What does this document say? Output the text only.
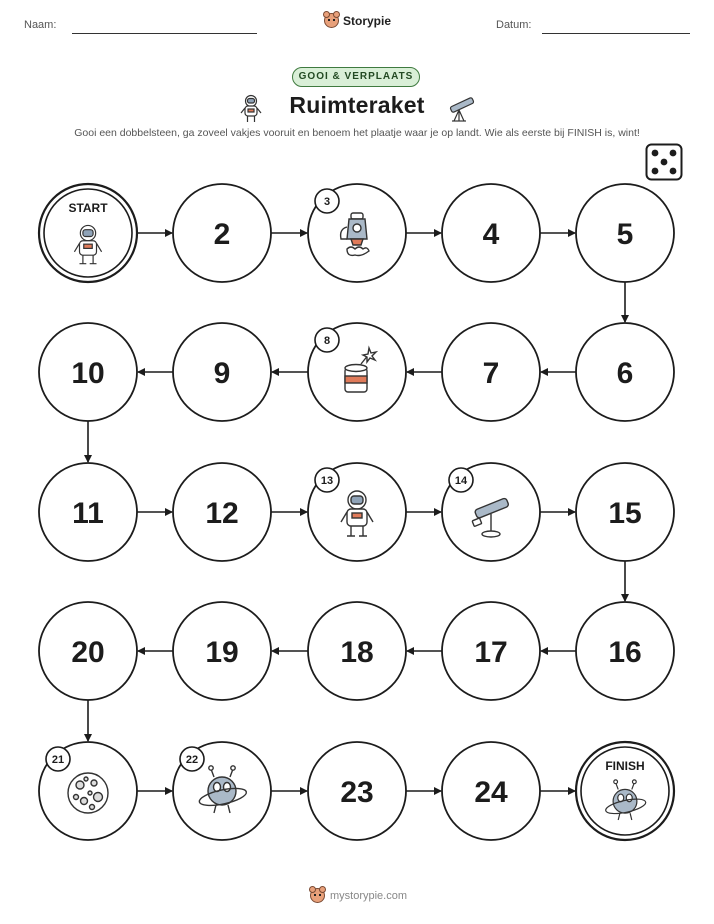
Naam:	Storypie	Datum:
GOOI & VERPLAATS
Ruimteraket
Gooi een dobbelsteen, ga zoveel vakjes vooruit en benoem het plaatje waar je op landt. Wie als eerste bij FINISH is, wint!
START
2
3
4	5
6
7
8
9
10
11	12
13	14
15
16
17
18
19
20
21	22
23	24
FINISH
mystorypie.com
